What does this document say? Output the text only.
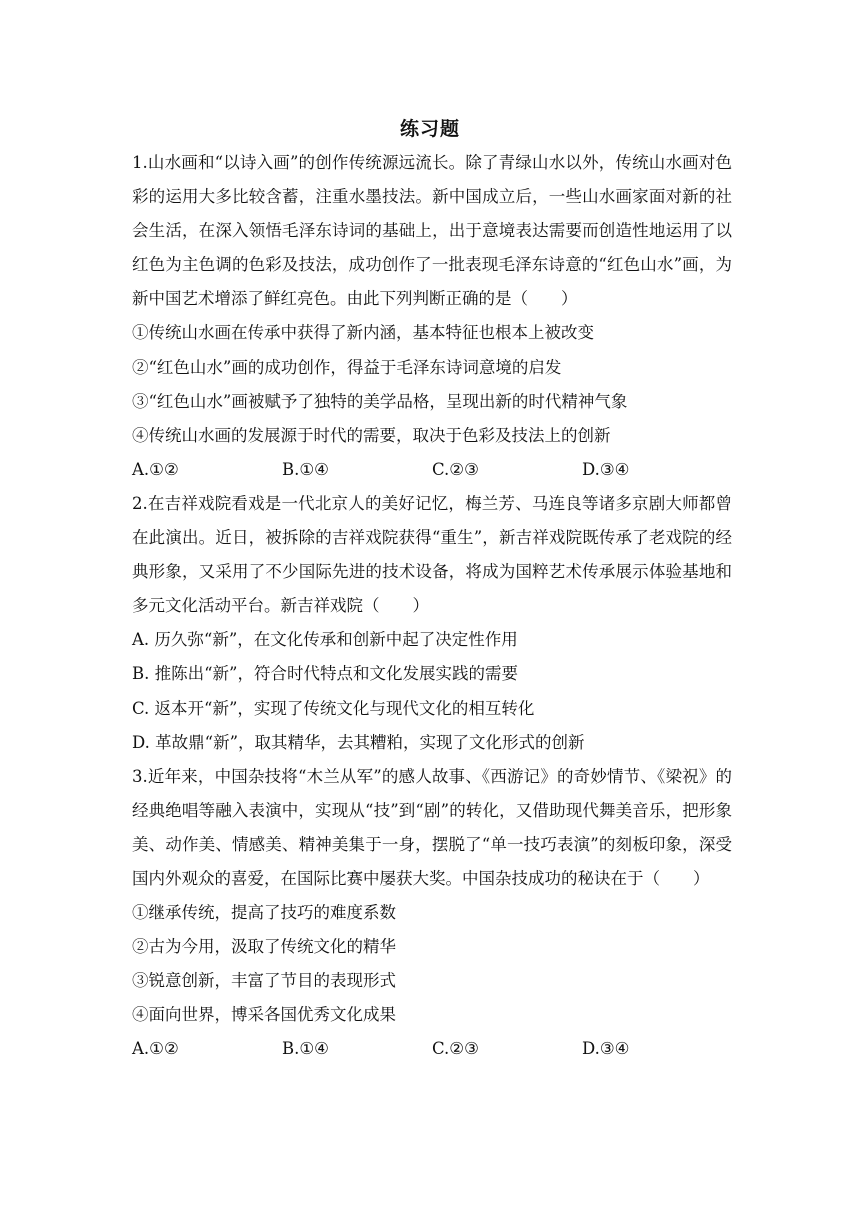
练习题

1.山水画和“以诗入画”的创作传统源远流长。除了青绿山水以外，传统山水画对色彩的运用大多比较含蓄，注重水墨技法。新中国成立后，一些山水画家面对新的社会生活，在深入领悟毛泽东诗词的基础上，出于意境表达需要而创造性地运用了以红色为主色调的色彩及技法，成功创作了一批表现毛泽东诗意的“红色山水”画，为新中国艺术增添了鲜红亮色。由此下列判断正确的是（　　）

①传统山水画在传承中获得了新内涵，基本特征也根本上被改变

②“红色山水”画的成功创作，得益于毛泽东诗词意境的启发

③“红色山水”画被赋予了独特的美学品格，呈现出新的时代精神气象

④传统山水画的发展源于时代的需要，取决于色彩及技法上的创新

A.①②	B.①④	C.②③	D.③④

2.在吉祥戏院看戏是一代北京人的美好记忆，梅兰芳、马连良等诸多京剧大师都曾在此演出。近日，被拆除的吉祥戏院获得“重生”，新吉祥戏院既传承了老戏院的经典形象，又采用了不少国际先进的技术设备，将成为国粹艺术传承展示体验基地和多元文化活动平台。新吉祥戏院（　　）

A. 历久弥“新”，在文化传承和创新中起了决定性作用

B. 推陈出“新”，符合时代特点和文化发展实践的需要

C. 返本开“新”，实现了传统文化与现代文化的相互转化

D. 革故鼎“新”，取其精华，去其糟粕，实现了文化形式的创新

3.近年来，中国杂技将“木兰从军”的感人故事、《西游记》的奇妙情节、《梁祝》的经典绝唱等融入表演中，实现从“技”到“剧”的转化，又借助现代舞美音乐，把形象美、动作美、情感美、精神美集于一身，摆脱了“单一技巧表演”的刻板印象，深受国内外观众的喜爱，在国际比赛中屡获大奖。中国杂技成功的秘诀在于（　　）

①继承传统，提高了技巧的难度系数

②古为今用，汲取了传统文化的精华

③锐意创新，丰富了节目的表现形式

④面向世界，博采各国优秀文化成果

A.①②	B.①④	C.②③	D.③④
